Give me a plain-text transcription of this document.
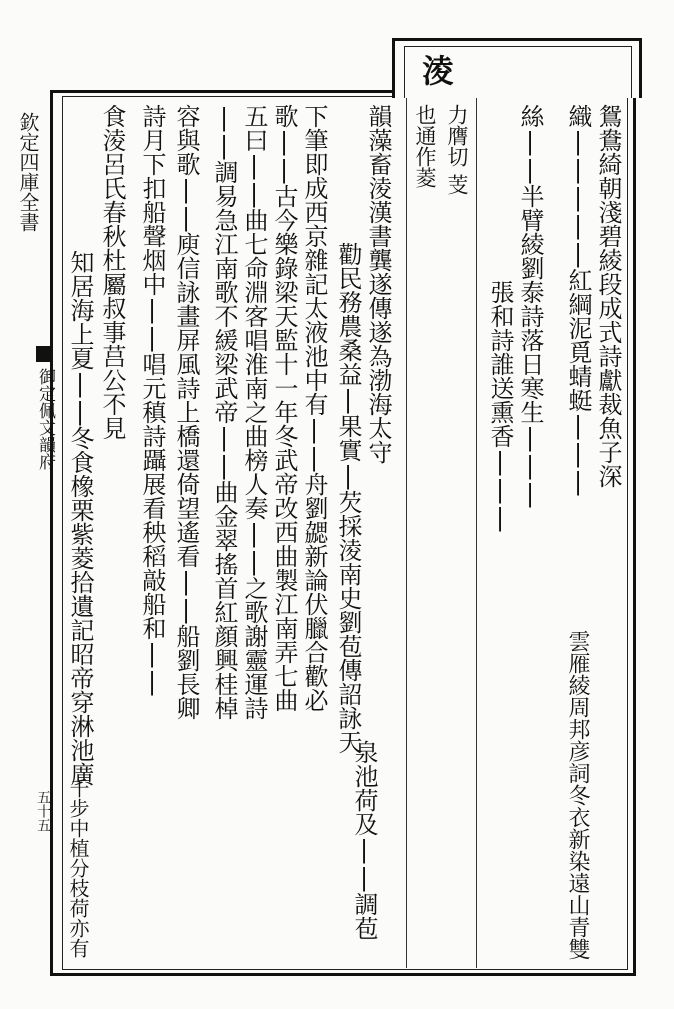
欽定四庫全書
御定佩文韻府
五十五
淩
力膺切
芰
也通作菱	鴛鴦綺朝淺碧綾段成式詩獻裁魚子深
織|||||紅綱泥覓蜻蜓|||
雲雁綾周邦彦詞冬衣新染遠山青雙
絲||半臂綾劉泰詩落日寒生|||
張和詩誰送熏香|||
韻藻畜淩漢書龔遂傳遂為渤海太守
勸民務農桑益|果實|芡採淩南史劉苞傳詔詠天
泉池荷及||調苞
下筆即成西京雜記太液池中有||舟劉勰新論伏臘合歡必
歌||古今樂錄梁天監十一年冬武帝改西曲製江南弄七曲
五曰||曲七命淵客唱淮南之曲榜人奏||之歌謝靈運詩
||調易急江南歌不緩梁武帝||曲金翠搖首紅顔興桂棹
容與歌||庾信詠畫屏風詩上橋還倚望遙看||船劉長卿
詩月下扣船聲烟中||唱元稹詩躡展看秧稻敲船和||
食淩呂氏春秋杜屬叔事莒公不見
知居海上夏||冬食橡栗紫菱拾遺記昭帝穿淋池廣
千步中植分枝荷亦有
